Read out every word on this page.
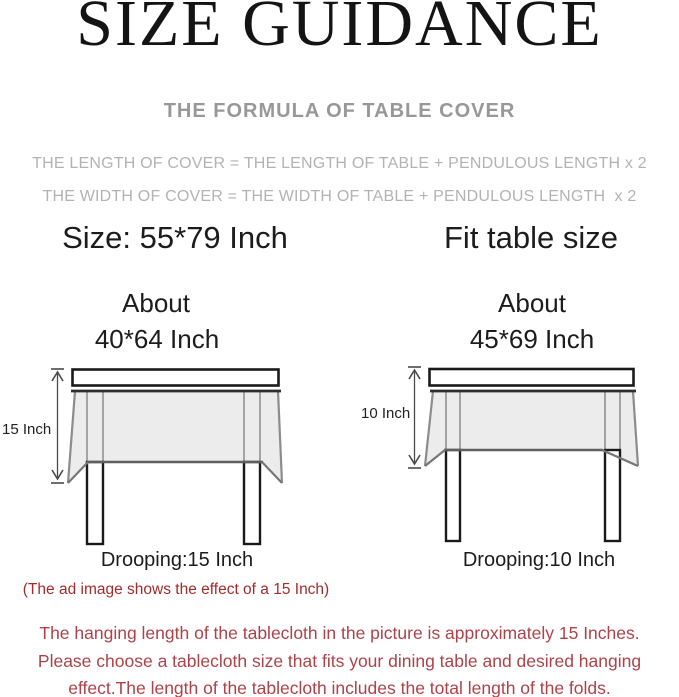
SIZE GUIDANCE
THE FORMULA OF TABLE COVER
THE LENGTH OF COVER = THE LENGTH OF TABLE + PENDULOUS LENGTH x 2
THE WIDTH OF COVER = THE WIDTH OF TABLE + PENDULOUS LENGTH  x 2
Size: 55*79 Inch	Fit table size
About	About
40*64 Inch	45*69 Inch
15 Inch
10 Inch
Drooping:15 Inch	Drooping:10 Inch
(The ad image shows the effect of a 15 Inch)
The hanging length of the tablecloth in the picture is approximately 15 Inches.
Please choose a tablecloth size that fits your dining table and desired hanging
effect.The length of the tablecloth includes the total length of the folds.
